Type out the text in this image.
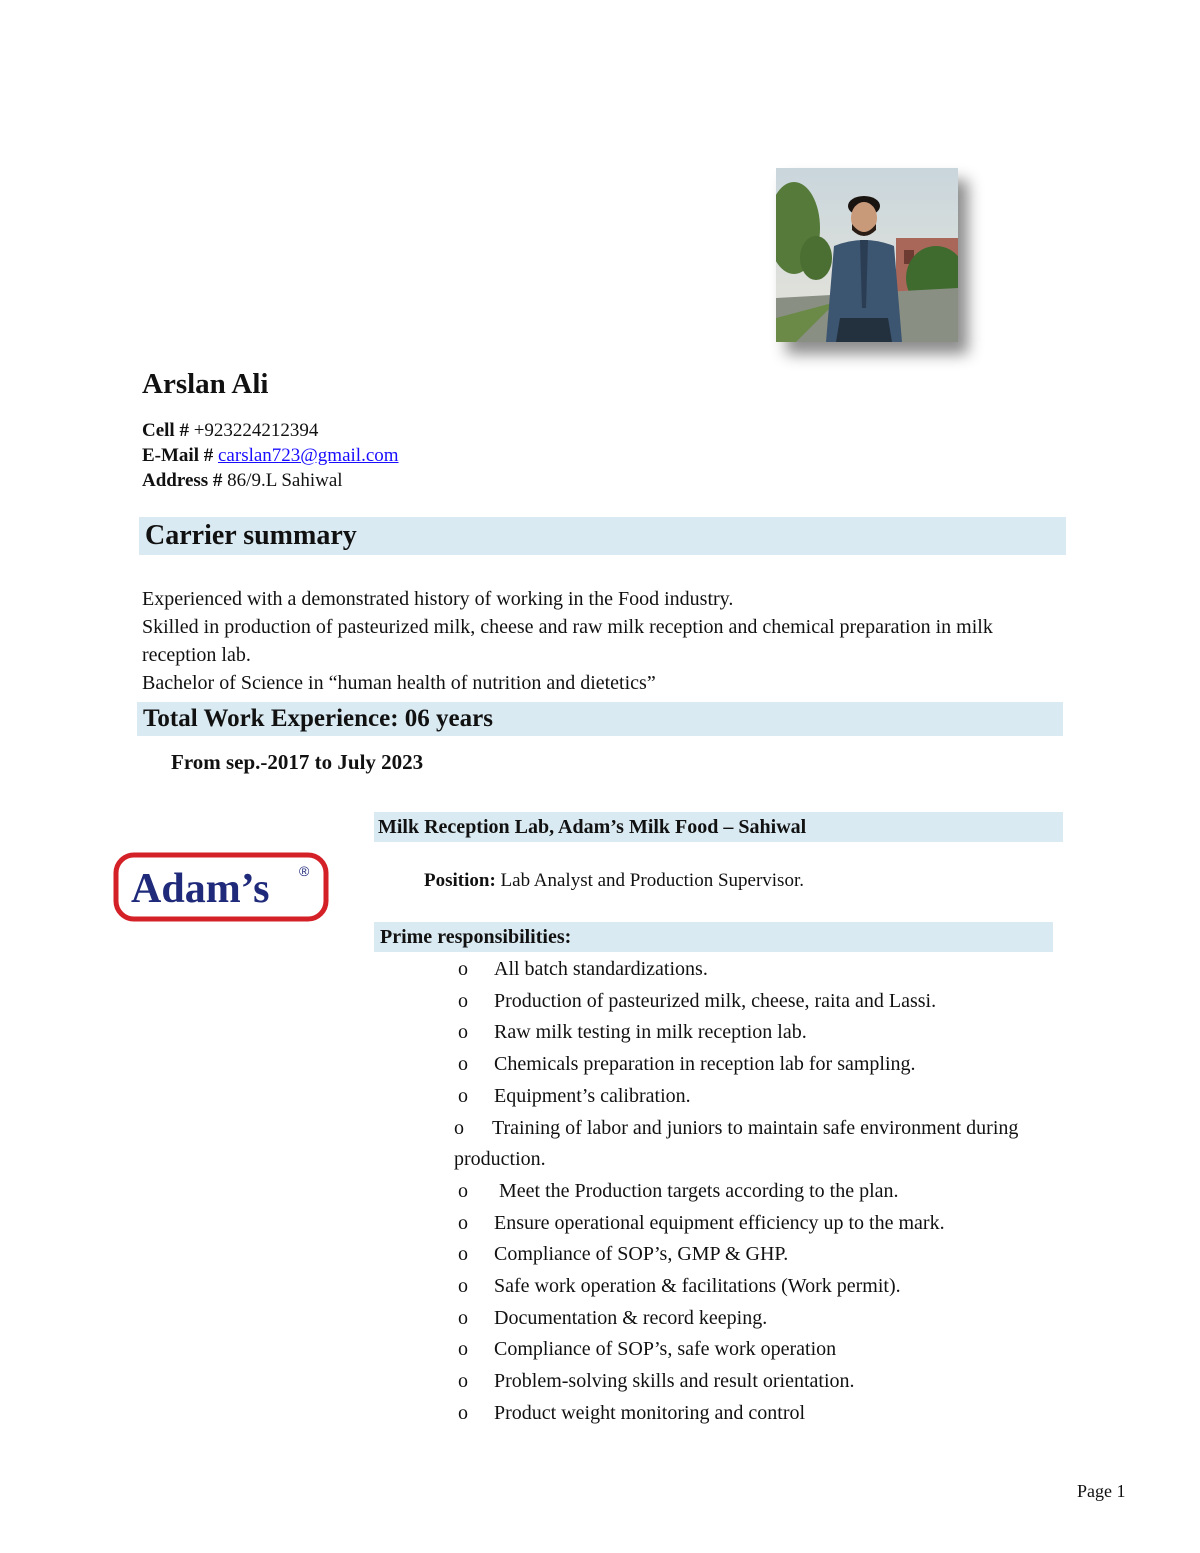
Arslan Ali
Cell # +923224212394
E-Mail # carslan723@gmail.com
Address # 86/9.L Sahiwal
Carrier summary

Experienced with a demonstrated history of working in the Food industry.

Skilled in production of pasteurized milk, cheese and raw milk reception and chemical preparation in milk reception lab.

Bachelor of Science in “human health of nutrition and dietetics”

Total Work Experience: 06 years
From sep.-2017 to July 2023
Milk Reception Lab, Adam’s Milk Food – Sahiwal
Adam’s ®	Position: Lab Analyst and Production Supervisor.
Prime responsibilities:
o All batch standardizations.
o Production of pasteurized milk, cheese, raita and Lassi.
o Raw milk testing in milk reception lab.
o Chemicals preparation in reception lab for sampling.
o Equipment’s calibration.
o Training of labor and juniors to maintain safe environment during production.
o Meet the Production targets according to the plan.
o Ensure operational equipment efficiency up to the mark.
o Compliance of SOP’s, GMP & GHP.
o Safe work operation & facilitations (Work permit).
o Documentation & record keeping.
o Compliance of SOP’s, safe work operation
o Problem-solving skills and result orientation.
o Product weight monitoring and control
Page 1
